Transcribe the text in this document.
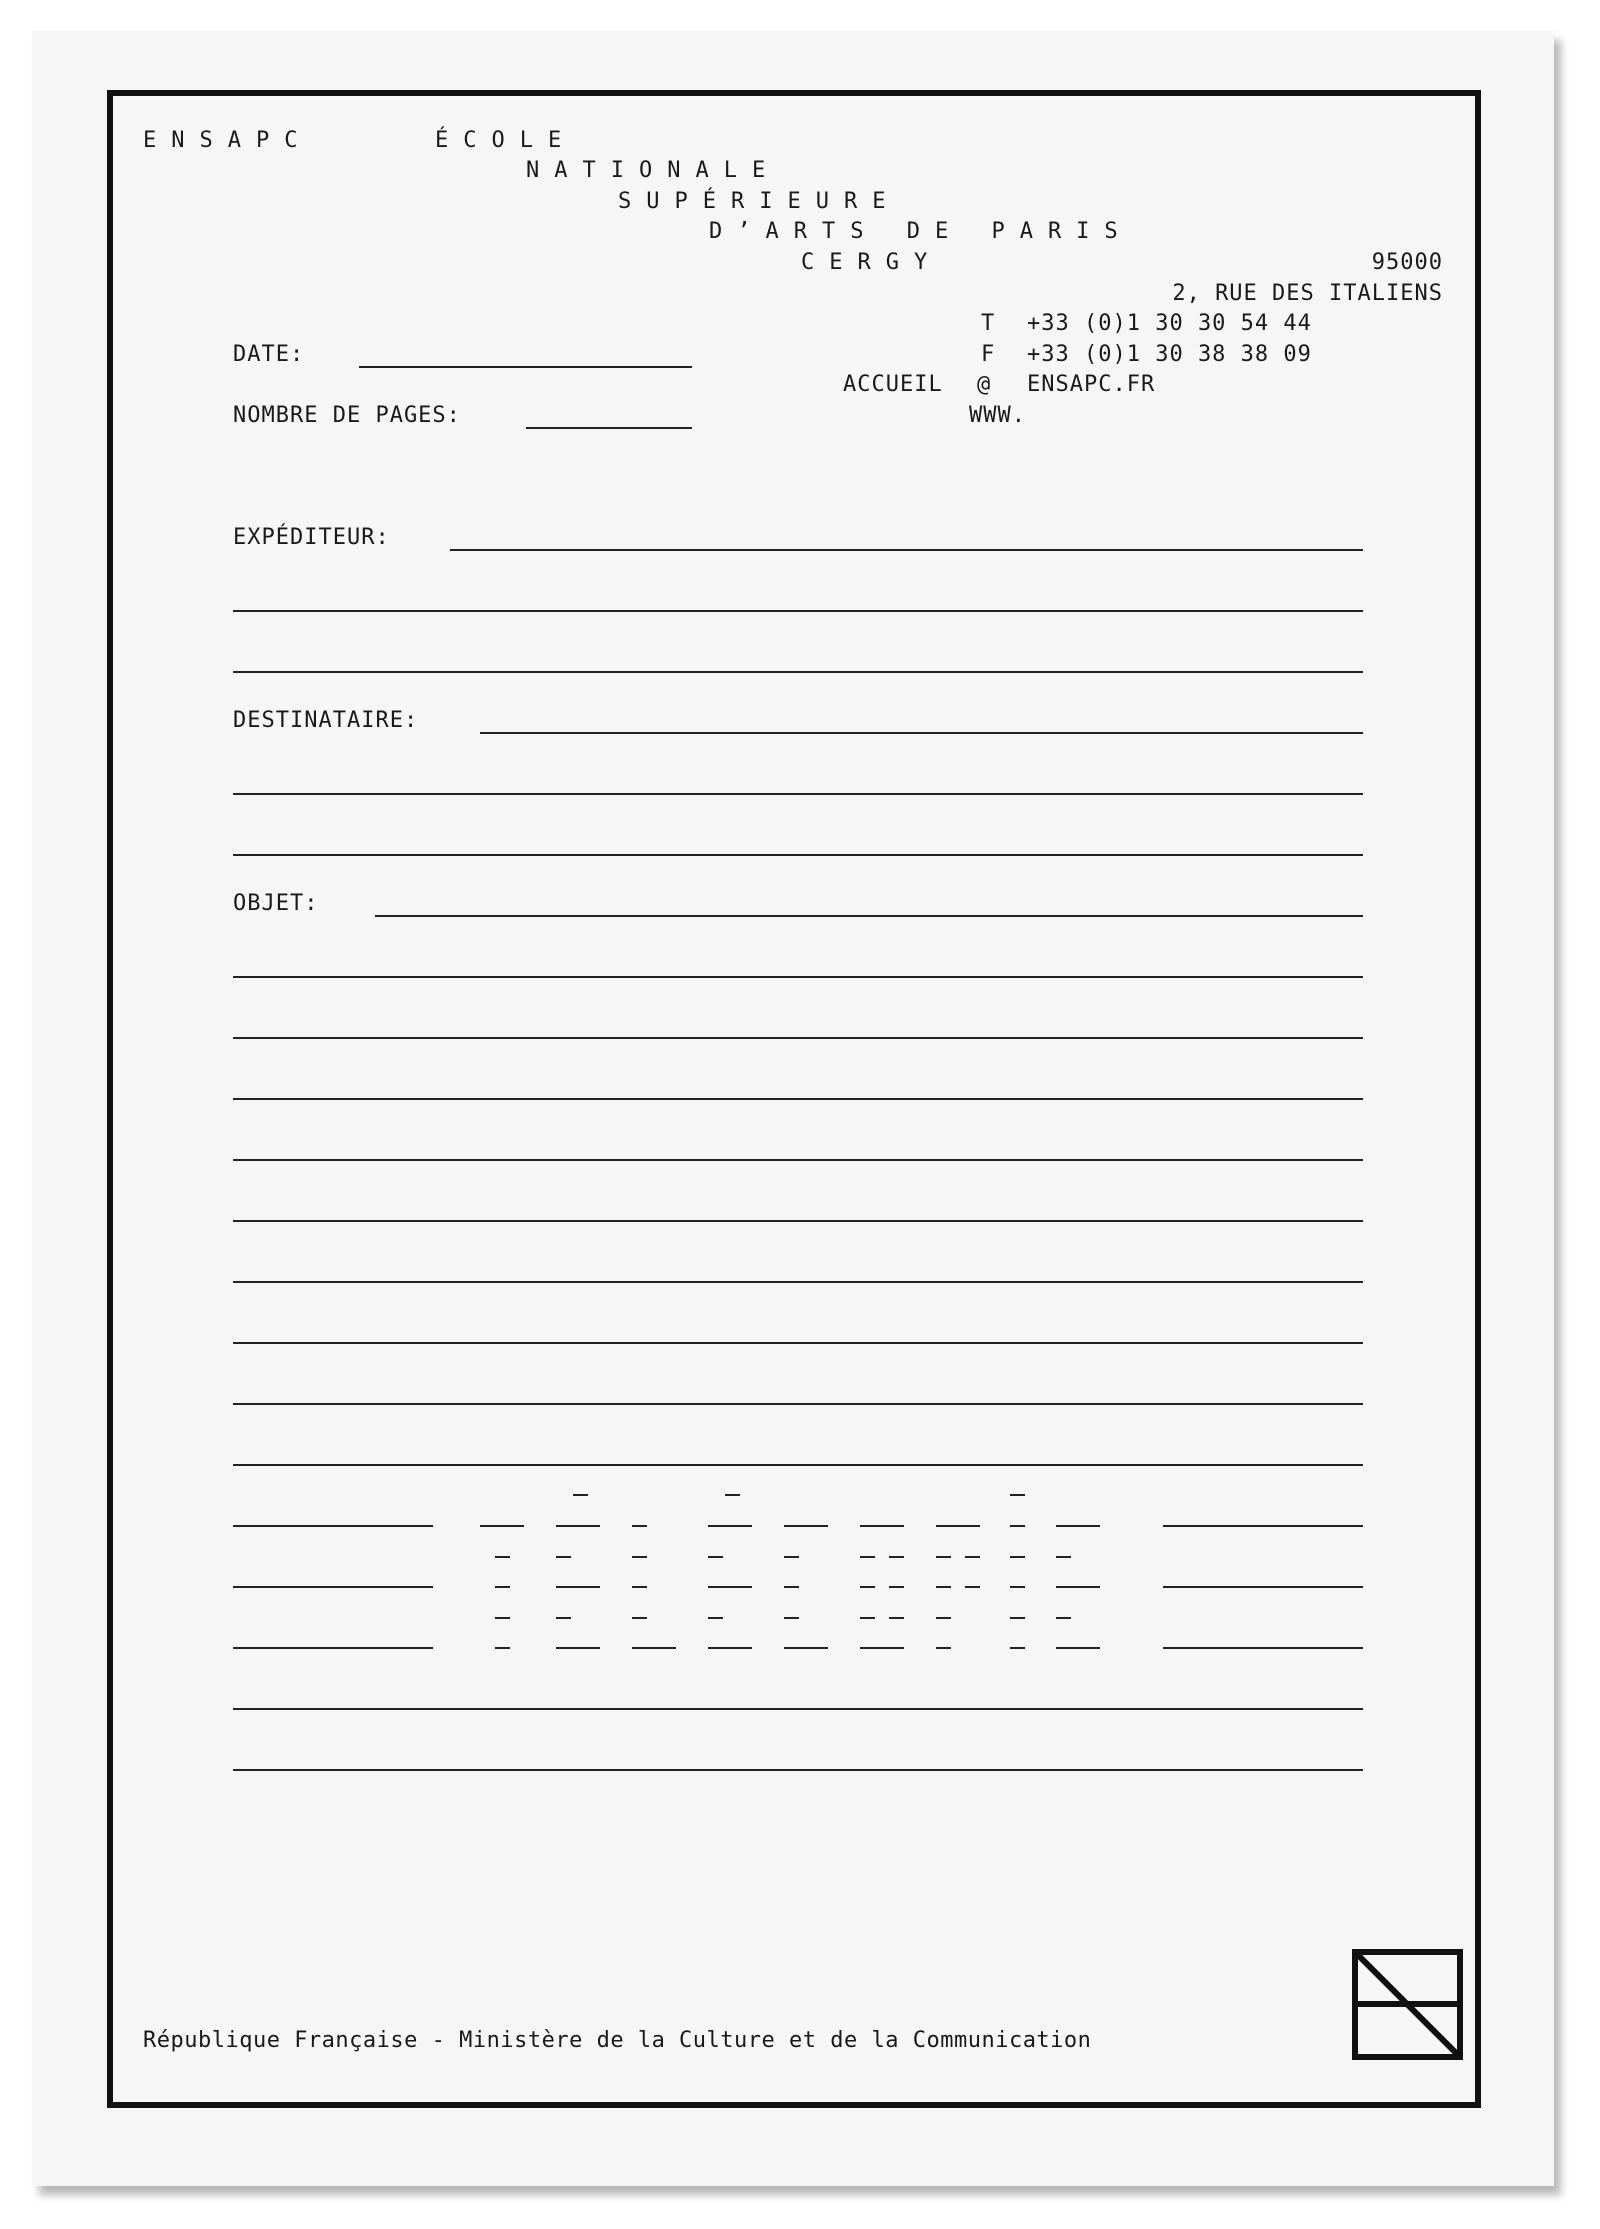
ENSAPC	ÉCOLE

NATIONALE

SUPÉRIEURE

D’ARTS DE PARIS

CERGY	95000

2, RUE DES ITALIENS

T +33 (0)1 30 30 54 44

F +33 (0)1 30 38 38 09

ACCUEIL @ ENSAPC.FR

WWW.

DATE:

NOMBRE DE PAGES:

EXPÉDITEUR:

DESTINATAIRE:

OBJET:

République Française - Ministère de la Culture et de la Communication
